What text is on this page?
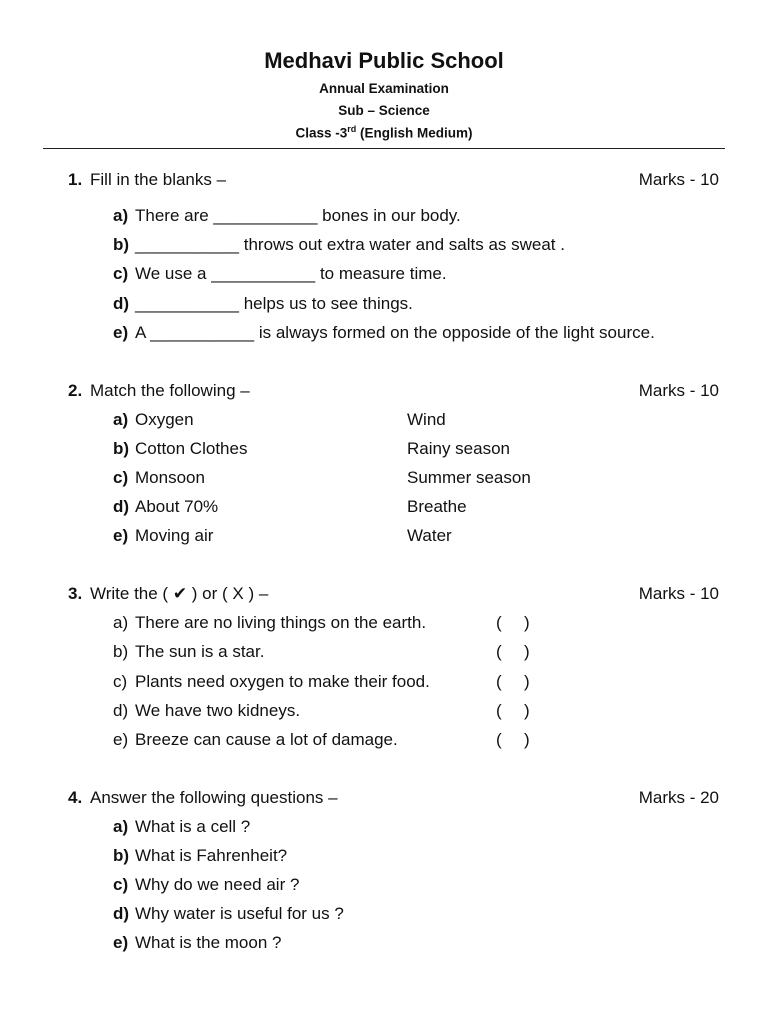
Medhavi Public School
Annual Examination
Sub – Science
Class -3rd (English Medium)
1. Fill in the blanks –	Marks - 10
a) There are ___________ bones in our body.
b) ___________ throws out extra water and salts as sweat .
c) We use a ___________ to measure time.
d) ___________ helps us to see things.
e) A ___________ is always formed on the opposide of the light source.
2. Match the following –	Marks - 10
a) Oxygen	Wind
b) Cotton Clothes	Rainy season
c) Monsoon	Summer season
d) About 70%	Breathe
e) Moving air	Water
3. Write the ( ✔ ) or ( X ) –	Marks - 10
a) There are no living things on the earth.	( )
b) The sun is a star.	( )
c) Plants need oxygen to make their food.	( )
d) We have two kidneys.	( )
e) Breeze can cause a lot of damage.	( )
4. Answer the following questions –	Marks - 20
a) What is a cell ?
b) What is Fahrenheit?
c) Why do we need air ?
d) Why water is useful for us ?
e) What is the moon ?
